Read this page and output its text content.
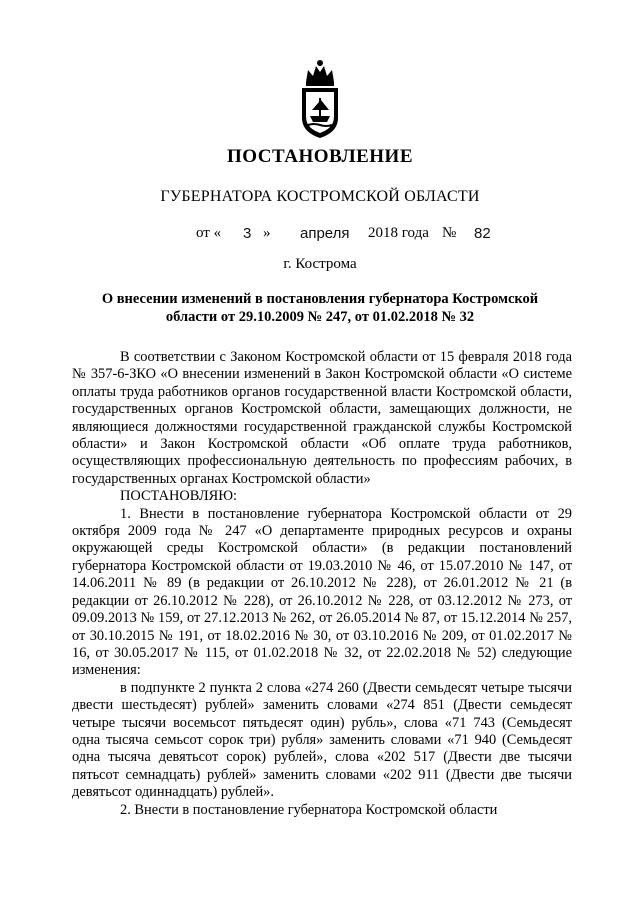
ПОСТАНОВЛЕНИЕ
ГУБЕРНАТОРА КОСТРОМСКОЙ ОБЛАСТИ
от « 3 » апреля 2018 года № 82
г. Кострома
О внесении изменений в постановления губернатора Костромской
области от 29.10.2009 № 247, от 01.02.2018 № 32

В соответствии с Законом Костромской области от 15 февраля 2018 года № 357-6-ЗКО «О внесении изменений в Закон Костромской области «О системе оплаты труда работников органов государственной власти Костромской области, государственных органов Костромской области, замещающих должности, не являющиеся должностями государственной гражданской службы Костромской области» и Закон Костромской области «Об оплате труда работников, осуществляющих профессиональную деятельность по профессиям рабочих, в государственных органах Костромской области»

ПОСТАНОВЛЯЮ:

1. Внести в постановление губернатора Костромской области от 29 октября 2009 года № 247 «О департаменте природных ресурсов и охраны окружающей среды Костромской области» (в редакции постановлений губернатора Костромской области от 19.03.2010 № 46, от 15.07.2010 № 147, от 14.06.2011 № 89 (в редакции от 26.10.2012 № 228), от 26.01.2012 № 21 (в редакции от 26.10.2012 № 228), от 26.10.2012 № 228, от 03.12.2012 № 273, от 09.09.2013 № 159, от 27.12.2013 № 262, от 26.05.2014 № 87, от 15.12.2014 № 257, от 30.10.2015 № 191, от 18.02.2016 № 30, от 03.10.2016 № 209, от 01.02.2017 № 16, от 30.05.2017 № 115, от 01.02.2018 № 32, от 22.02.2018 № 52) следующие изменения:

в подпункте 2 пункта 2 слова «274 260 (Двести семьдесят четыре тысячи двести шестьдесят) рублей» заменить словами «274 851 (Двести семьдесят четыре тысячи восемьсот пятьдесят один) рубль», слова «71 743 (Семьдесят одна тысяча семьсот сорок три) рубля» заменить словами «71 940 (Семьдесят одна тысяча девятьсот сорок) рублей», слова «202 517 (Двести две тысячи пятьсот семнадцать) рублей» заменить словами «202 911 (Двести две тысячи девятьсот одиннадцать) рублей».

2. Внести в постановление губернатора Костромской области
